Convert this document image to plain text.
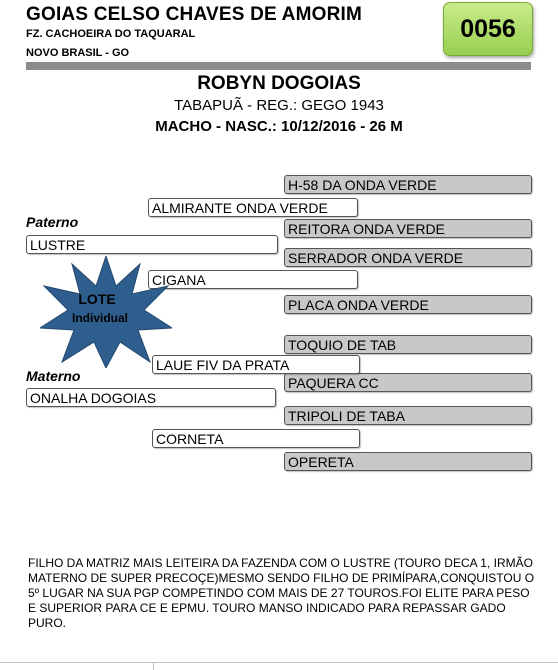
GOIAS CELSO CHAVES DE AMORIM
FZ. CACHOEIRA DO TAQUARAL
NOVO BRASIL - GO
0056
ROBYN DOGOIAS
TABAPUÃ - REG.: GEGO 1943
MACHO - NASC.: 10/12/2016 - 26 M
Paterno
Materno
H-58 DA ONDA VERDE
REITORA ONDA VERDE
SERRADOR ONDA VERDE
PLACA ONDA VERDE
TOQUIO DE TAB
PAQUERA CC
TRIPOLI DE TABA
OPERETA
ALMIRANTE ONDA VERDE
CIGANA
LAUE FIV DA PRATA
CORNETA
LUSTRE
ONALHA DOGOIAS
LOTE
Individual
FILHO DA MATRIZ MAIS LEITEIRA DA FAZENDA COM O LUSTRE (TOURO DECA 1, IRMÃO MATERNO DE SUPER PRECOÇE)MESMO SENDO FILHO DE PRIMÍPARA,CONQUISTOU O 5º LUGAR NA SUA PGP COMPETINDO COM MAIS DE 27 TOUROS.FOI ELITE PARA PESO E SUPERIOR PARA CE E EPMU. TOURO MANSO INDICADO PARA REPASSAR GADO PURO.
